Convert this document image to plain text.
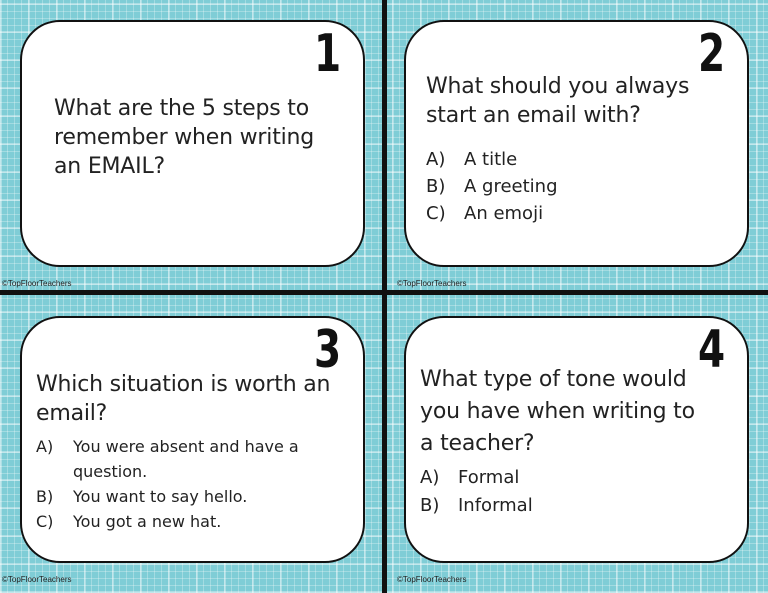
1

What are the 5 steps to remember when writing an EMAIL?

2

What should you always start an email with?

A)	A title
B)	A greeting
C)	An emoji
3

Which situation is worth an email?

A)	You were absent and have a question.
B)	You want to say hello.
C)	You got a new hat.
4

What type of tone would you have when writing to a teacher?

A)	Formal
B)	Informal
©TopFloorTeachers	©TopFloorTeachers
©TopFloorTeachers	©TopFloorTeachers
